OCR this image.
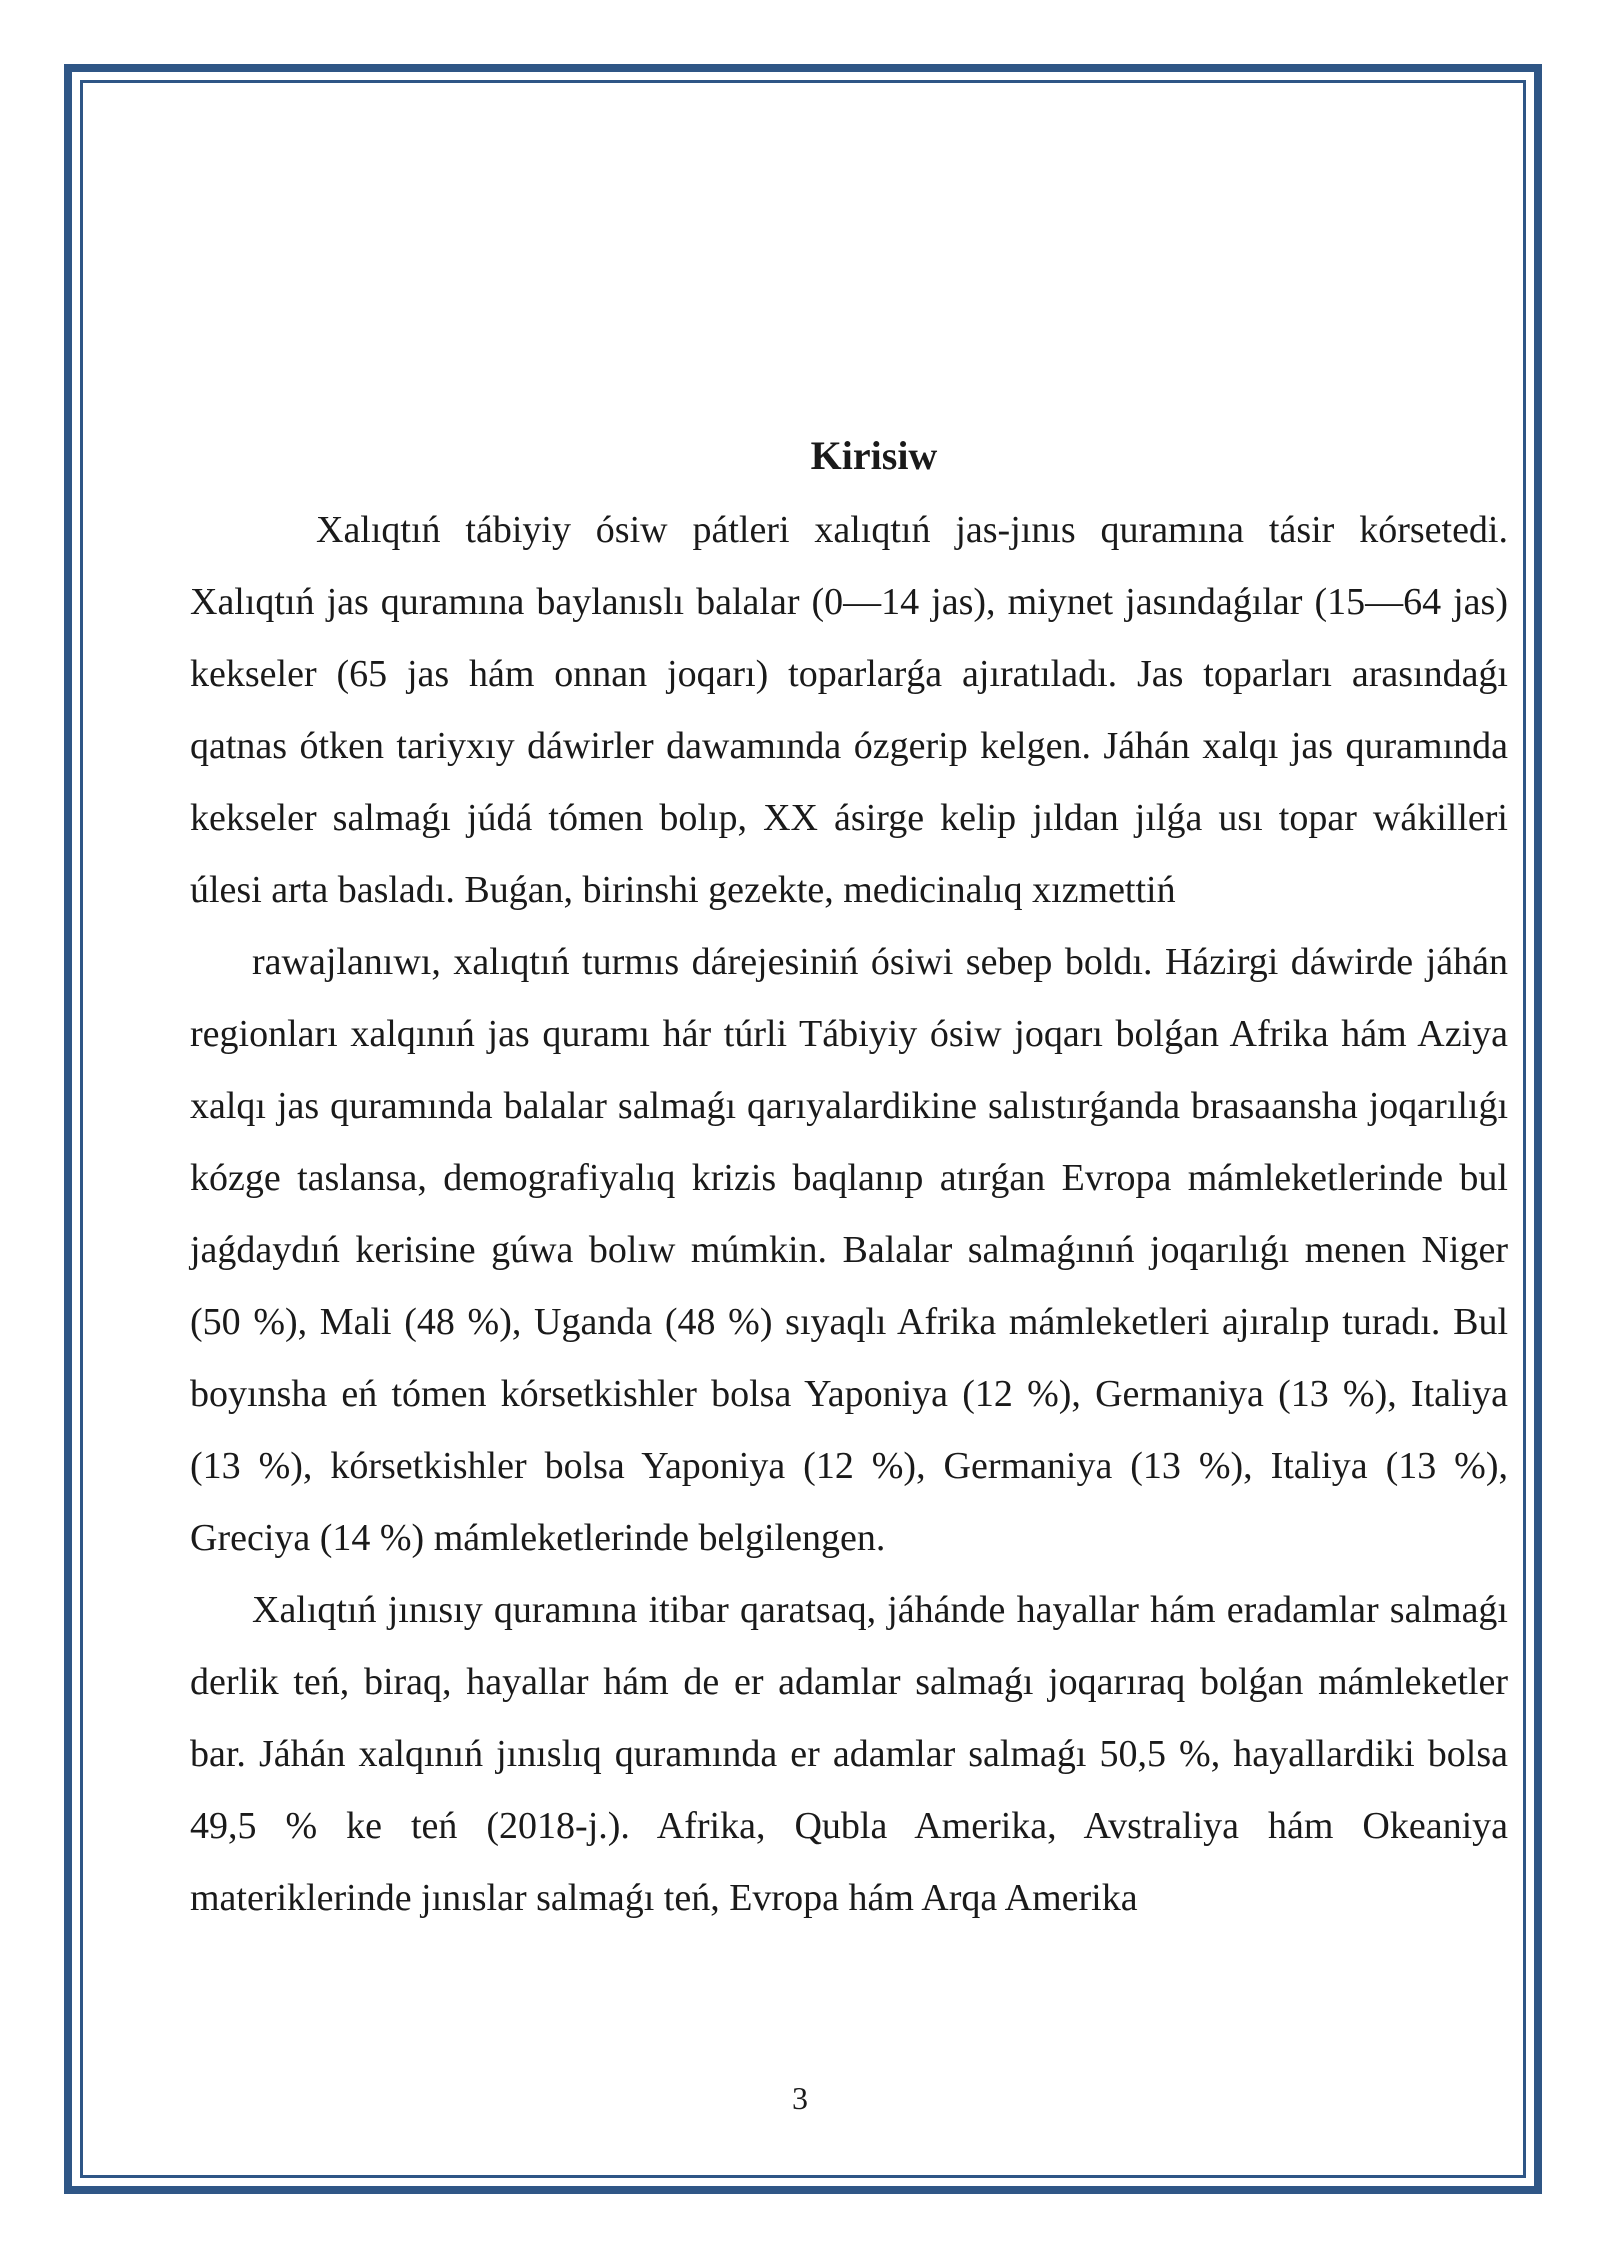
Kirisiw

Xalıqtıń tábiyiy ósiw pátleri xalıqtıń jas-jınıs quramına tásir kórsetedi. Xalıqtıń jas quramına baylanıslı balalar (0—14 jas), miynet jasındaǵılar (15—64 jas) kekseler (65 jas hám onnan joqarı) toparlarǵa ajıratıladı. Jas toparları arasındaǵı qatnas ótken tariyxıy dáwirler dawamında ózgerip kelgen. Jáhán xalqı jas quramında kekseler salmaǵı júdá tómen bolıp, XX ásirge kelip jıldan jılǵa usı topar wákilleri úlesi arta basladı. Buǵan, birinshi gezekte, medicinalıq xızmettiń

rawajlanıwı, xalıqtıń turmıs dárejesiniń ósiwi sebep boldı. Házirgi dáwirde jáhán regionları xalqınıń jas quramı hár túrli Tábiyiy ósiw joqarı bolǵan Afrika hám Aziya xalqı jas quramında balalar salmaǵı qarıyalardikine salıstırǵanda brasaansha joqarılıǵı kózge taslansa, demografiyalıq krizis baqlanıp atırǵan Evropa mámleketlerinde bul jaǵdaydıń kerisine gúwa bolıw múmkin. Balalar salmaǵınıń joqarılıǵı menen Niger (50 %), Mali (48 %), Uganda (48 %) sıyaqlı Afrika mámleketleri ajıralıp turadı. Bul boyınsha eń tómen kórsetkishler bolsa Yaponiya (12 %), Germaniya (13 %), Italiya (13 %), kórsetkishler bolsa Yaponiya (12 %), Germaniya (13 %), Italiya (13 %), Greciya (14 %) mámleketlerinde belgilengen.

Xalıqtıń jınısıy quramına itibar qaratsaq, jáhánde hayallar hám eradamlar salmaǵı derlik teń, biraq, hayallar hám de er adamlar salmaǵı joqarıraq bolǵan mámleketler bar. Jáhán xalqınıń jınıslıq quramında er adamlar salmaǵı 50,5 %, hayallardiki bolsa 49,5 % ke teń (2018-j.). Afrika, Qubla Amerika, Avstraliya hám Okeaniya materiklerinde jınıslar salmaǵı teń, Evropa hám Arqa Amerika

3
